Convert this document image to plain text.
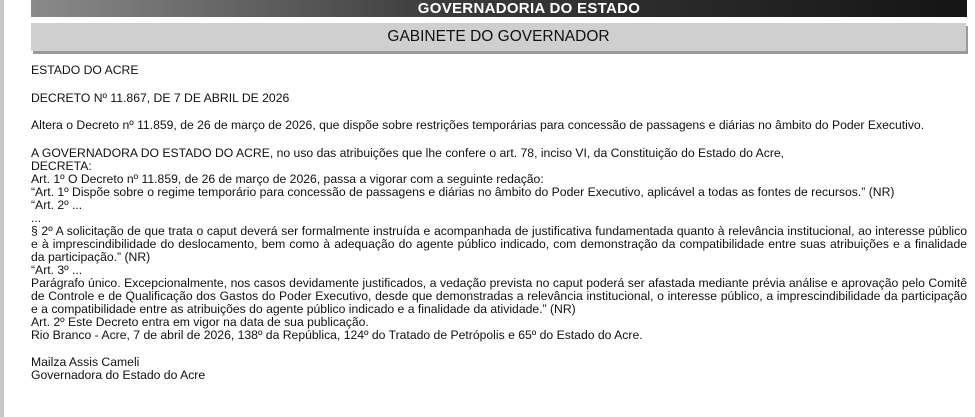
GOVERNADORIA DO ESTADO
GABINETE DO GOVERNADOR

ESTADO DO ACRE

DECRETO Nº 11.867, DE 7 DE ABRIL DE 2026

Altera o Decreto nº 11.859, de 26 de março de 2026, que dispõe sobre restrições temporárias para concessão de passagens e diárias no âmbito do Poder Executivo.

A GOVERNADORA DO ESTADO DO ACRE, no uso das atribuições que lhe confere o art. 78, inciso VI, da Constituição do Estado do Acre,

DECRETA:

Art. 1º O Decreto nº 11.859, de 26 de março de 2026, passa a vigorar com a seguinte redação:

“Art. 1º Dispõe sobre o regime temporário para concessão de passagens e diárias no âmbito do Poder Executivo, aplicável a todas as fontes de recursos.” (NR)

“Art. 2º ...

...

§ 2º A solicitação de que trata o caput deverá ser formalmente instruída e acompanhada de justificativa fundamentada quanto à relevância institucional, ao interesse público e à imprescindibilidade do deslocamento, bem como à adequação do agente público indicado, com demonstração da compatibilidade entre suas atribuições e a finalidade da participação.” (NR)

“Art. 3º ...

Parágrafo único. Excepcionalmente, nos casos devidamente justificados, a vedação prevista no caput poderá ser afastada mediante prévia análise e aprovação pelo Comitê de Controle e de Qualificação dos Gastos do Poder Executivo, desde que demonstradas a relevância institucional, o interesse público, a imprescindibilidade da participação e a compatibilidade entre as atribuições do agente público indicado e a finalidade da atividade.” (NR)

Art. 2º Este Decreto entra em vigor na data de sua publicação.

Rio Branco - Acre, 7 de abril de 2026, 138º da República, 124º do Tratado de Petrópolis e 65º do Estado do Acre.

Mailza Assis Cameli

Governadora do Estado do Acre
